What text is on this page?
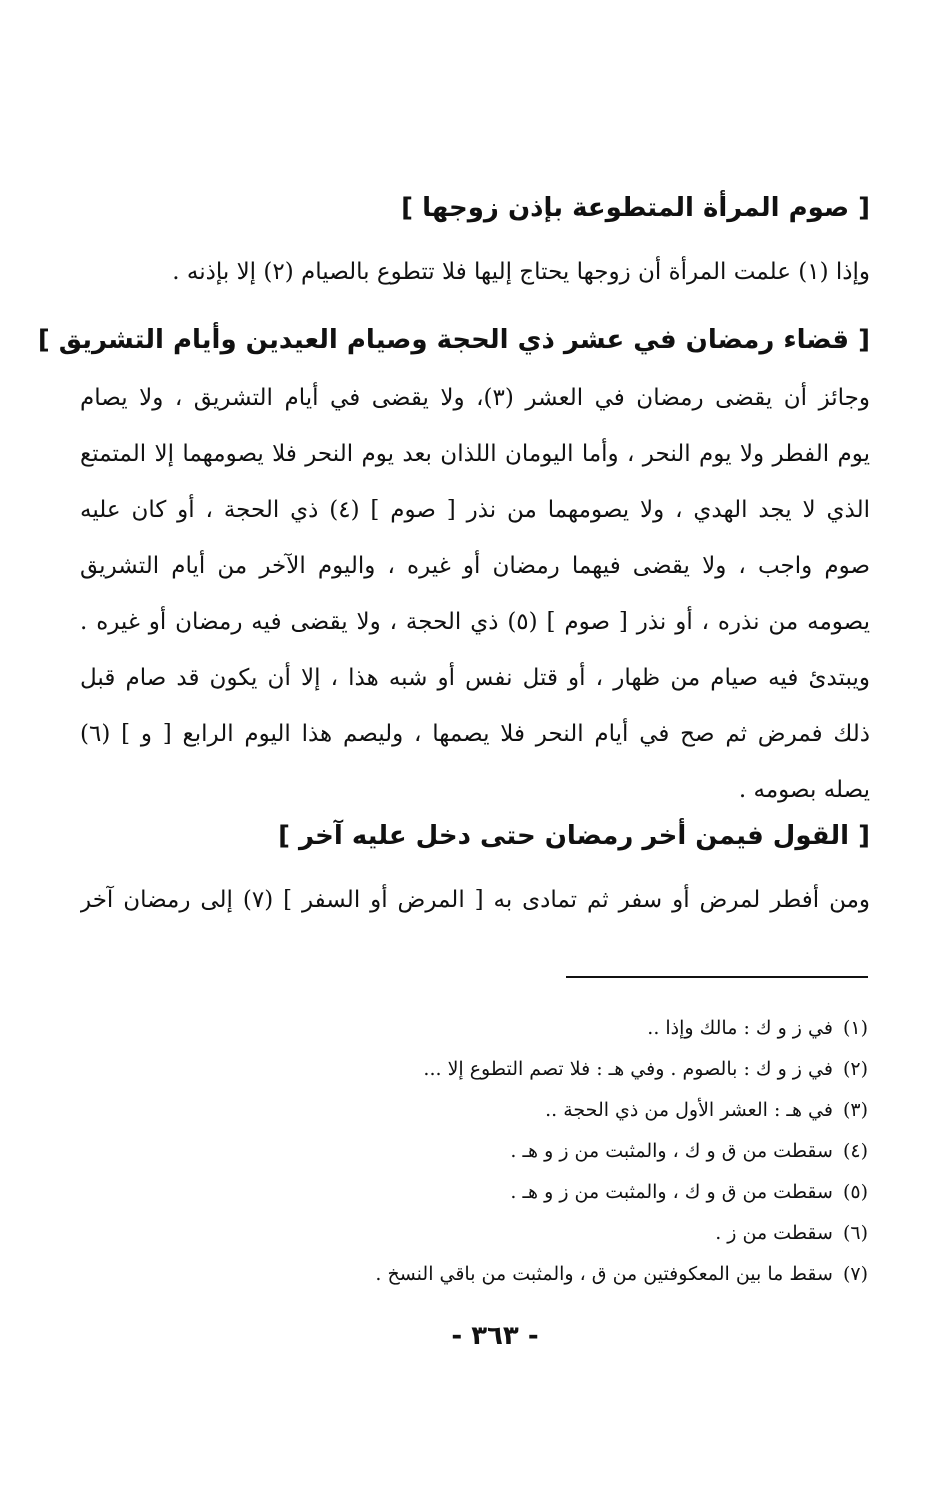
[ صوم المرأة المتطوعة بإذن زوجها ]

وإذا (١) علمت المرأة أن زوجها يحتاج إليها فلا تتطوع بالصيام (٢) إلا بإذنه .

[ قضاء رمضان في عشر ذي الحجة وصيام العيدين وأيام التشريق ]

وجائز أن يقضى رمضان في العشر (٣)، ولا يقضى في أيام التشريق ، ولا يصام
يوم الفطر ولا يوم النحر ، وأما اليومان اللذان بعد يوم النحر فلا يصومهما إلا المتمتع
الذي لا يجد الهدي ، ولا يصومهما من نذر [ صوم ] (٤) ذي الحجة ، أو كان عليه
صوم واجب ، ولا يقضى فيهما رمضان أو غيره ، واليوم الآخر من أيام التشريق
يصومه من نذره ، أو نذر [ صوم ] (٥) ذي الحجة ، ولا يقضى فيه رمضان أو غيره .
ويبتدئ فيه صيام من ظهار ، أو قتل نفس أو شبه هذا ، إلا أن يكون قد صام قبل
ذلك فمرض ثم صح في أيام النحر فلا يصمها ، وليصم هذا اليوم الرابع [ و ] (٦)
يصله بصومه .

[ القول فيمن أخر رمضان حتى دخل عليه آخر ]

ومن أفطر لمرض أو سفر ثم تمادى به [ المرض أو السفر ] (٧) إلى رمضان آخر

(١)في ز و ك : مالك وإذا ..
(٢)في ز و ك : بالصوم . وفي هـ : فلا تصم التطوع إلا ...
(٣)في هـ : العشر الأول من ذي الحجة ..
(٤)سقطت من ق و ك ، والمثبت من ز و هـ .
(٥)سقطت من ق و ك ، والمثبت من ز و هـ .
(٦)سقطت من ز .
(٧)سقط ما بين المعكوفتين من ق ، والمثبت من باقي النسخ .
- ٣٦٣ -
